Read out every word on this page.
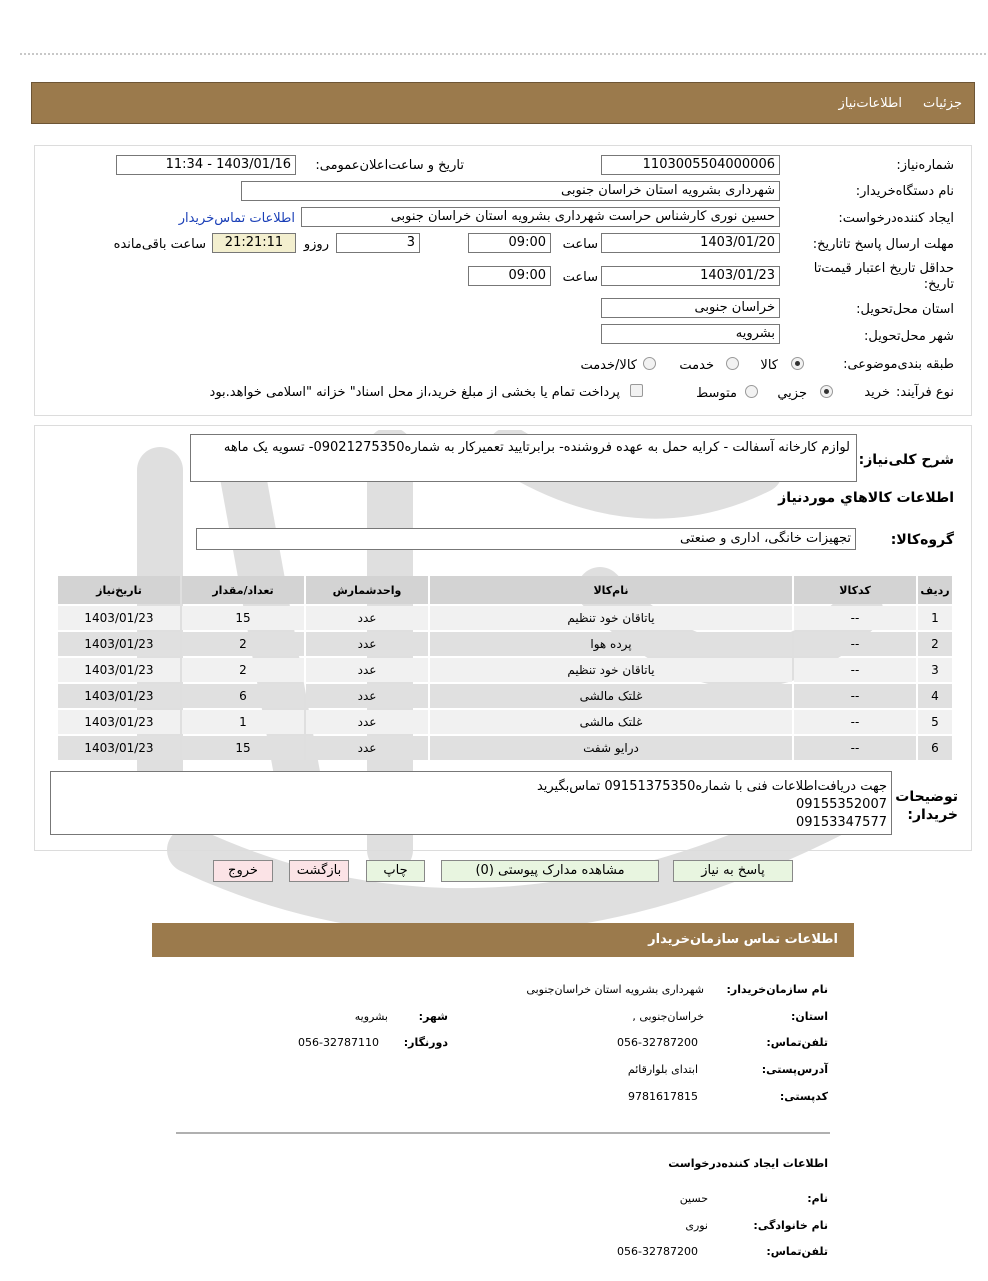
جزئیات
اطلاعات‌نیاز
شماره‌نیاز:
1103005504000006
تاریخ و ساعت‌اعلان‌عمومی:
1403/01/16 - 11:34
نام دستگاه‌خریدار:
شهرداری بشرویه استان خراسان جنوبی
ایجاد کننده‌درخواست:
حسین نوری کارشناس حراست شهرداری بشرویه استان خراسان جنوبی
اطلاعات تماس‌خریدار
مهلت ارسال پاسخ تا‌تاریخ:
1403/01/20
ساعت
09:00
3
روزو
21:21:11
ساعت باقی‌مانده
حداقل تاریخ اعتبار قیمت‌تا تاریخ:
1403/01/23
ساعت
09:00
استان محل‌تحویل:
خراسان جنوبی
شهر محل‌تحویل:
بشرویه
طبقه بندی‌موضوعی:
کالا
خدمت
کالا/خدمت
نوع فرآیند:
خرید
جزیي
متوسط
پرداخت تمام یا بخشی از مبلغ خرید،از محل اسناد" خزانه "اسلامی خواهد.بود
شرح کلی‌نیاز:
لوازم کارخانه آسفالت - کرایه حمل به عهده فروشنده- برابرتایید تعمیرکار به شماره09021275350- تسویه یک ماهه
اطلاعات کالاهاي مورد‌نیاز
گروه‌کالا:
تجهیزات خانگی، اداری و صنعتی
ردیف	کدکالا	نام‌کالا	واحدشمارش	تعداد/مقدار	تاریخ‌نیاز
1	--	یاتاقان خود تنظیم	عدد	15	1403/01/23
2	--	پرده هوا	عدد	2	1403/01/23
3	--	یاتاقان خود تنظیم	عدد	2	1403/01/23
4	--	غلتک مالشی	عدد	6	1403/01/23
5	--	غلتک مالشی	عدد	1	1403/01/23
6	--	درایو شفت	عدد	15	1403/01/23
توضیحات خریدار:
جهت دریافت‌اطلاعات فنی با شماره09151375350 تماس‌بگیرید
09155352007
09153347577
پاسخ به نیاز
مشاهده مدارک پیوستی (0)
چاپ
بازگشت
خروج
اطلاعات تماس سازمان‌خریدار
نام سازمان‌خریدار:
شهرداری بشرویه استان خراسان‌جنوبی
استان:
خراسان‌جنوبی ,
شهر:
بشرویه
تلفن‌تماس:
056-32787200
دورنگار:
056-32787110
آدرس‌پستی:
ابتدای بلوارقائم
کد‌پستی:
9781617815
اطلاعات ایجاد کننده‌درخواست
نام:
حسین
نام خانوادگی:
نوری
تلفن‌تماس:
056-32787200
